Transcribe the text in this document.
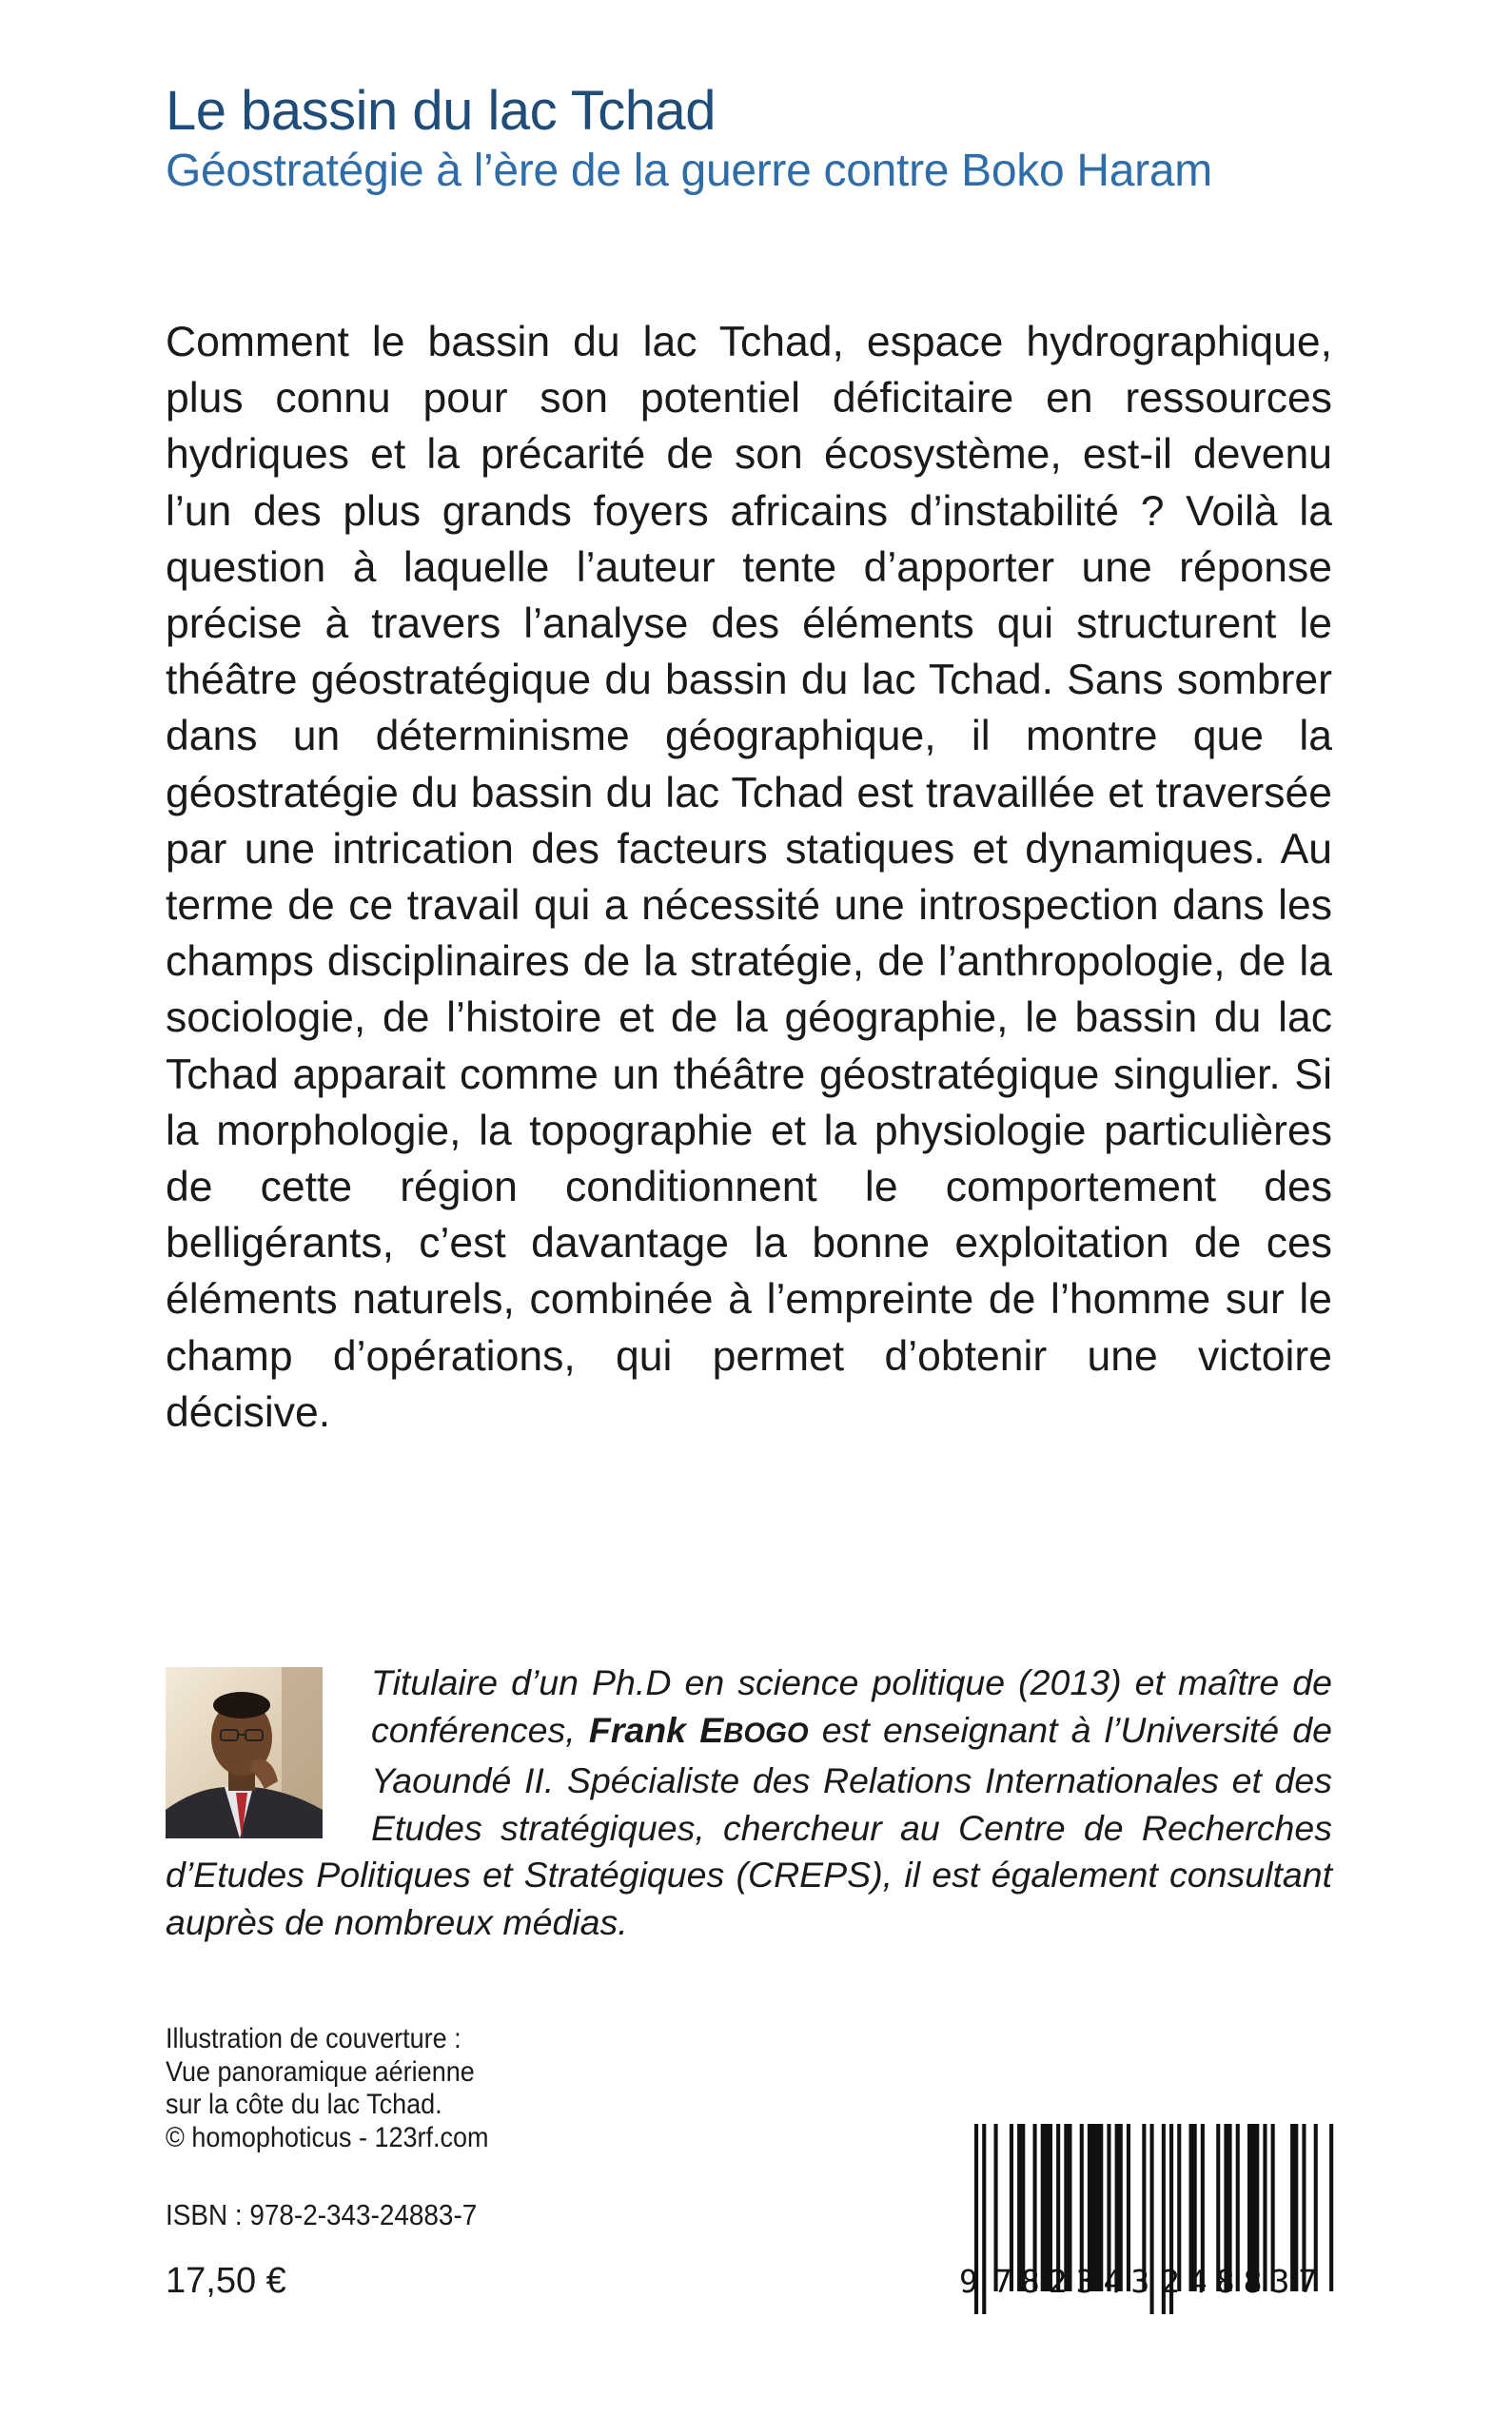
Le bassin du lac Tchad
Géostratégie à l’ère de la guerre contre Boko Haram

Comment le bassin du lac Tchad, espace hydrographique, plus connu pour son potentiel déficitaire en ressources hydriques et la précarité de son écosystème, est-il devenu l’un des plus grands foyers africains d’instabilité ? Voilà la question à laquelle l’auteur tente d’apporter une réponse précise à travers l’analyse des éléments qui structurent le théâtre géostratégique du bassin du lac Tchad. Sans sombrer dans un déterminisme géographique, il montre que la géostratégie du bassin du lac Tchad est travaillée et traversée par une intrication des facteurs statiques et dynamiques. Au terme de ce travail qui a nécessité une introspection dans les champs disciplinaires de la stratégie, de l’anthropologie, de la sociologie, de l’histoire et de la géographie, le bassin du lac Tchad apparait comme un théâtre géostratégique singulier. Si la morphologie, la topographie et la physiologie particulières de cette région conditionnent le comportement des belligérants, c’est davantage la bonne exploitation de ces éléments naturels, combinée à l’empreinte de l’homme sur le champ d’opérations, qui permet d’obtenir une victoire décisive.

Titulaire d’un Ph.D en science politique (2013) et maître de conférences, Frank EBOGO est enseignant à l’Université de Yaoundé II. Spécialiste des Relations Internationales et des Etudes stratégiques, chercheur au Centre de Recherches d’Etudes Politiques et Stratégiques (CREPS), il est également consultant auprès de nombreux médias.

Illustration de couverture :
Vue panoramique aérienne
sur la côte du lac Tchad.
© homophoticus - 123rf.com
ISBN : 978-2-343-24883-7
17,50 €	9 782343 248837
